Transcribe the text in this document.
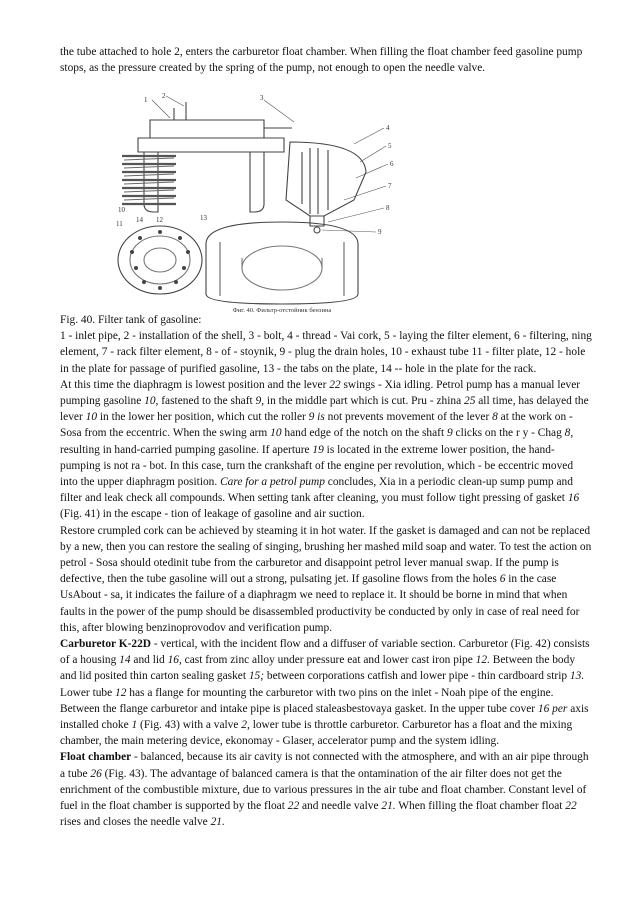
the tube attached to hole 2, enters the carburetor float chamber. When filling the float chamber feed gasoline pump stops, as the pressure created by the spring of the pump, not enough to open the needle valve.

1 2	3
4
5
6
7
8
9
10
11	12	13
14
Фиг. 40. Фильтр-отстойник бензина

Fig. 40. Filter tank of gasoline:

1 - inlet pipe, 2 - installation of the shell, 3 - bolt, 4 - thread - Vai cork, 5 - laying the filter element, 6 - filtering, ning element, 7 - rack filter element, 8 - of - stoynik, 9 - plug the drain holes, 10 - exhaust tube 11 - filter plate, 12 - hole in the plate for passage of purified gasoline, 13 - the tabs on the plate, 14 -- hole in the plate for the rack.

At this time the diaphragm is lowest position and the lever 22 swings - Xia idling. Petrol pump has a manual lever pumping gasoline 10, fastened to the shaft 9, in the middle part which is cut. Pru - zhina 25 all time, has delayed the lever 10 in the lower her position, which cut the roller 9 is not prevents movement of the lever 8 at the work on - Sosa from the eccentric. When the swing arm 10 hand edge of the notch on the shaft 9 clicks on the r y - Chag 8, resulting in hand-carried pumping gasoline. If aperture 19 is located in the extreme lower position, the hand-pumping is not ra - bot. In this case, turn the crankshaft of the engine per revolution, which - be eccentric moved into the upper diaphragm position. Care for a petrol pump concludes, Xia in a periodic clean-up sump pump and filter and leak check all compounds. When setting tank after cleaning, you must follow tight pressing of gasket 16 (Fig. 41) in the escape - tion of leakage of gasoline and air suction.

Restore crumpled cork can be achieved by steaming it in hot water. If the gasket is damaged and can not be replaced by a new, then you can restore the sealing of singing, brushing her mashed mild soap and water. To test the action on petrol - Sosa should otedinit tube from the carburetor and disappoint petrol lever manual swap. If the pump is defective, then the tube gasoline will out a strong, pulsating jet. If gasoline flows from the holes 6 in the case UsAbout - sa, it indicates the failure of a diaphragm we need to replace it. It should be borne in mind that when faults in the power of the pump should be disassembled productivity be conducted by only in case of real need for this, after blowing benzinoprovodov and verification pump.

Carburetor K-22D - vertical, with the incident flow and a diffuser of variable section. Carburetor (Fig. 42) consists of a housing 14 and lid 16, cast from zinc alloy under pressure eat and lower cast iron pipe 12. Between the body and lid posited thin carton sealing gasket 15; between corporations catfish and lower pipe - thin cardboard strip 13. Lower tube 12 has a flange for mounting the carburetor with two pins on the inlet - Noah pipe of the engine. Between the flange carburetor and intake pipe is placed staleasbestovaya gasket. In the upper tube cover 16 per axis installed choke 1 (Fig. 43) with a valve 2, lower tube is throttle carburetor. Carburetor has a float and the mixing chamber, the main metering device, ekonomay - Glaser, accelerator pump and the system idling.

Float chamber - balanced, because its air cavity is not connected with the atmosphere, and with an air pipe through a tube 26 (Fig. 43). The advantage of balanced camera is that the ontamination of the air filter does not get the enrichment of the combustible mixture, due to various pressures in the air tube and float chamber. Constant level of fuel in the float chamber is supported by the float 22 and needle valve 21. When filling the float chamber float 22 rises and closes the needle valve 21.
